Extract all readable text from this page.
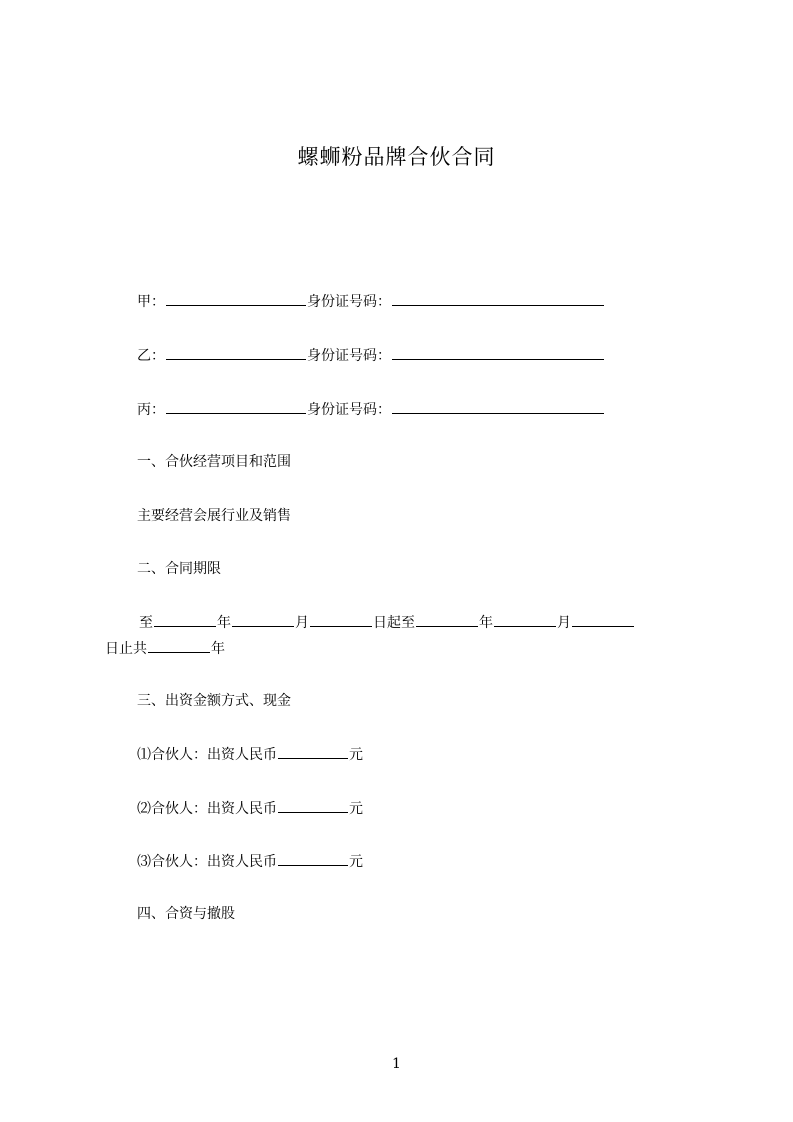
螺蛳粉品牌合伙合同
甲：	身份证号码：
乙：	身份证号码：
丙：	身份证号码：
一、合伙经营项目和范围
主要经营会展行业及销售
二、合同期限
至	年	月	日起至	年	月
日止共	年
三、出资金额方式、现金
⑴合伙人：出资人民币	元
⑵合伙人：出资人民币	元
⑶合伙人：出资人民币	元
四、合资与撤股
1
